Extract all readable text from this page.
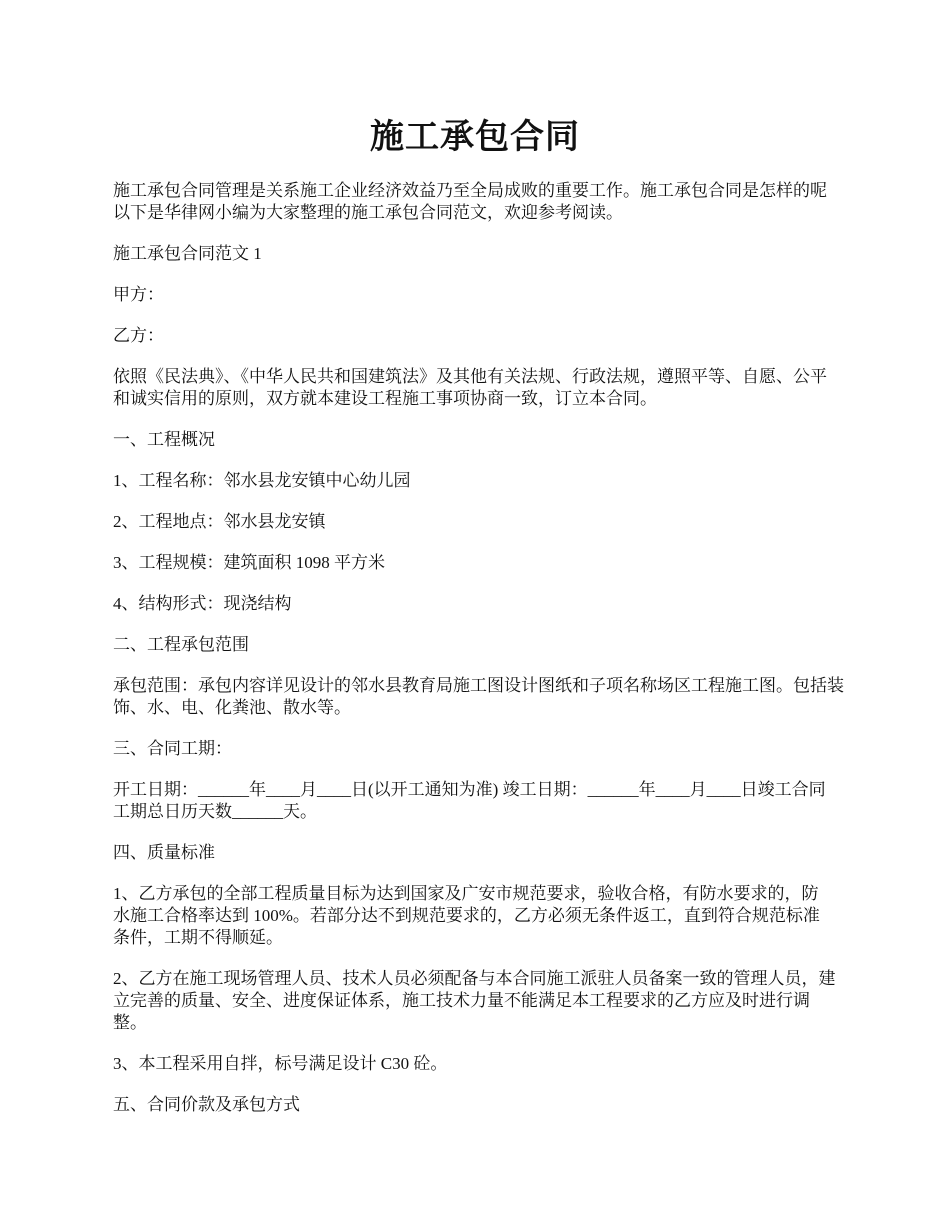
施工承包合同

施工承包合同管理是关系施工企业经济效益乃至全局成败的重要工作。施工承包合同是怎样的呢 以下是华律网小编为大家整理的施工承包合同范文，欢迎参考阅读。

施工承包合同范文 1

甲方：

乙方：

依照《民法典》、《中华人民共和国建筑法》及其他有关法规、行政法规，遵照平等、自愿、公平和诚实信用的原则，双方就本建设工程施工事项协商一致，订立本合同。

一、工程概况

1、工程名称：邻水县龙安镇中心幼儿园

2、工程地点：邻水县龙安镇

3、工程规模：建筑面积 1098 平方米

4、结构形式：现浇结构

二、工程承包范围

承包范围：承包内容详见设计的邻水县教育局施工图设计图纸和子项名称场区工程施工图。包括装饰、水、电、化粪池、散水等。

三、合同工期：

开工日期：______年____月____日(以开工通知为准) 竣工日期：______年____月____日竣工合同工期总日历天数______天。

四、质量标准

1、乙方承包的全部工程质量目标为达到国家及广安市规范要求，验收合格，有防水要求的，防水施工合格率达到 100%。若部分达不到规范要求的，乙方必须无条件返工，直到符合规范标准条件，工期不得顺延。

2、乙方在施工现场管理人员、技术人员必须配备与本合同施工派驻人员备案一致的管理人员，建立完善的质量、安全、进度保证体系，施工技术力量不能满足本工程要求的乙方应及时进行调整。

3、本工程采用自拌，标号满足设计 C30 砼。

五、合同价款及承包方式
